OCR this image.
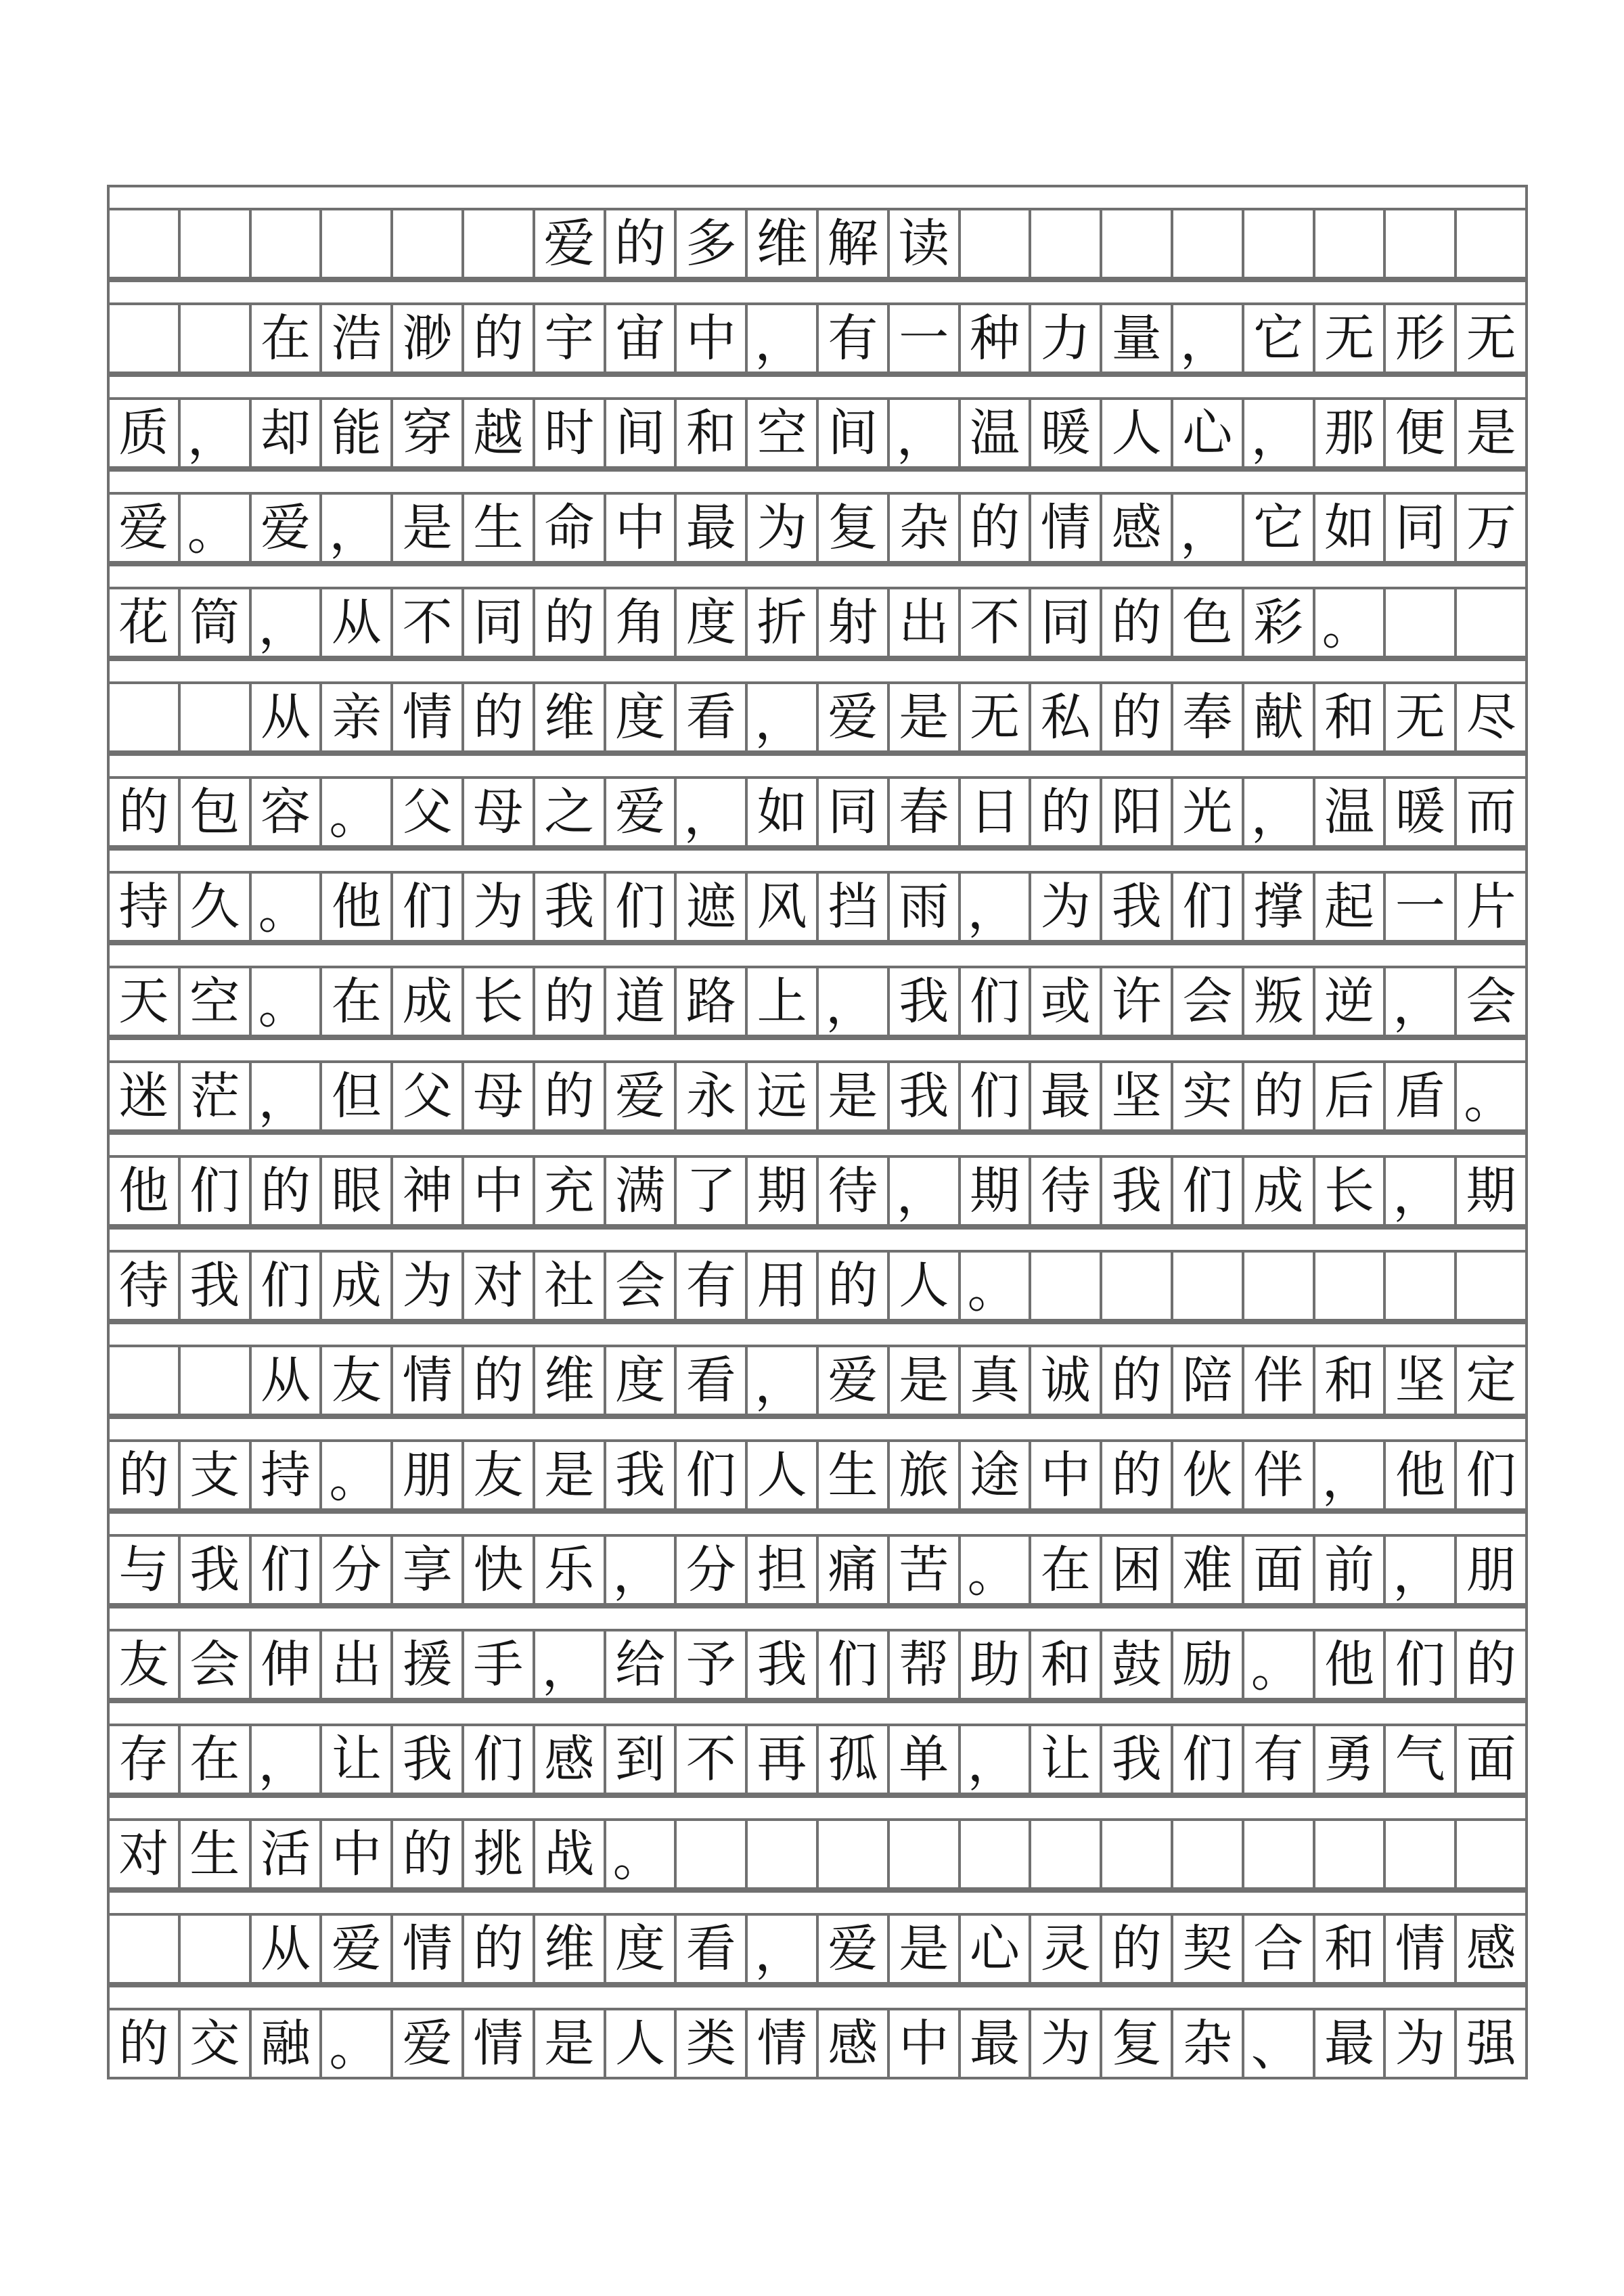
爱 的 多 维 解 读
在 浩 渺 的 宇 宙 中 ， 有 一 种 力 量 ， 它 无 形 无
质 ， 却 能 穿 越 时 间 和 空 间 ， 温 暖 人 心 ， 那 便 是
爱 。 爱 ， 是 生 命 中 最 为 复 杂 的 情 感 ， 它 如 同 万
花 筒 ， 从 不 同 的 角 度 折 射 出 不 同 的 色 彩 。
从 亲 情 的 维 度 看 ， 爱 是 无 私 的 奉 献 和 无 尽
的 包 容 。 父 母 之 爱 ， 如 同 春 日 的 阳 光 ， 温 暖 而
持 久 。 他 们 为 我 们 遮 风 挡 雨 ， 为 我 们 撑 起 一 片
天 空 。 在 成 长 的 道 路 上 ， 我 们 或 许 会 叛 逆 ， 会
迷 茫 ， 但 父 母 的 爱 永 远 是 我 们 最 坚 实 的 后 盾 。
他 们 的 眼 神 中 充 满 了 期 待 ， 期 待 我 们 成 长 ， 期
待 我 们 成 为 对 社 会 有 用 的 人 。
从 友 情 的 维 度 看 ， 爱 是 真 诚 的 陪 伴 和 坚 定
的 支 持 。 朋 友 是 我 们 人 生 旅 途 中 的 伙 伴 ， 他 们
与 我 们 分 享 快 乐 ， 分 担 痛 苦 。 在 困 难 面 前 ， 朋
友 会 伸 出 援 手 ， 给 予 我 们 帮 助 和 鼓 励 。 他 们 的
存 在 ， 让 我 们 感 到 不 再 孤 单 ， 让 我 们 有 勇 气 面
对 生 活 中 的 挑 战 。
从 爱 情 的 维 度 看 ， 爱 是 心 灵 的 契 合 和 情 感
的 交 融 。 爱 情 是 人 类 情 感 中 最 为 复 杂 、 最 为 强
